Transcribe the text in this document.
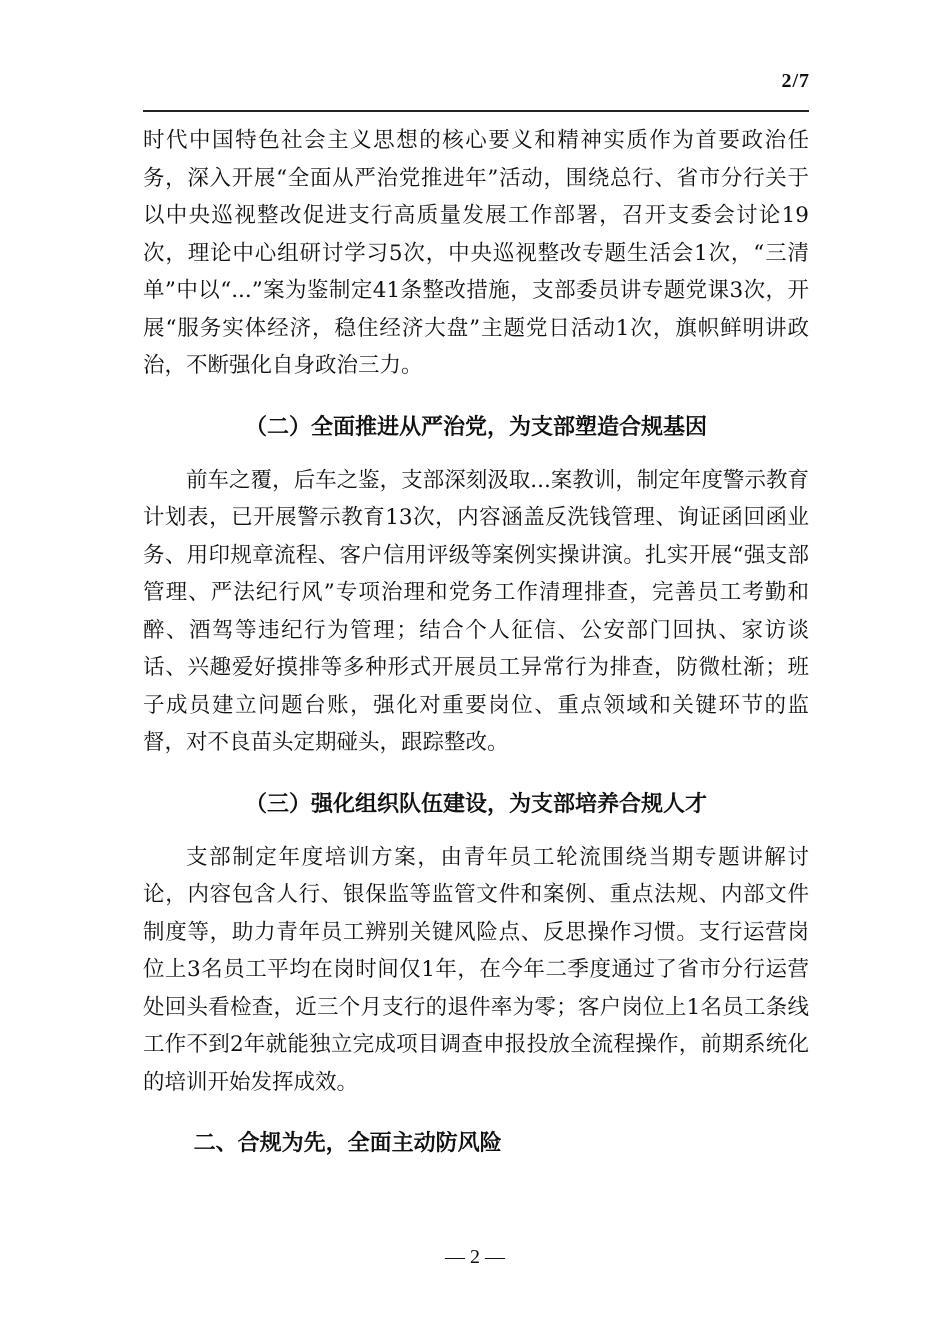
2/7

时代中国特色社会主义思想的核心要义和精神实质作为首要政治任务，深入开展“全面从严治党推进年”活动，围绕总行、省市分行关于以中央巡视整改促进支行高质量发展工作部署，召开支委会讨论19次，理论中心组研讨学习5次，中央巡视整改专题生活会1次，“三清单”中以“...”案为鉴制定41条整改措施，支部委员讲专题党课3次，开展“服务实体经济，稳住经济大盘”主题党日活动1次，旗帜鲜明讲政治，不断强化自身政治三力。

（二）全面推进从严治党，为支部塑造合规基因

前车之覆，后车之鉴，支部深刻汲取...案教训，制定年度警示教育计划表，已开展警示教育13次，内容涵盖反洗钱管理、询证函回函业务、用印规章流程、客户信用评级等案例实操讲演。扎实开展“强支部管理、严法纪行风”专项治理和党务工作清理排查，完善员工考勤和醉、酒驾等违纪行为管理；结合个人征信、公安部门回执、家访谈话、兴趣爱好摸排等多种形式开展员工异常行为排查，防微杜渐；班子成员建立问题台账，强化对重要岗位、重点领域和关键环节的监督，对不良苗头定期碰头，跟踪整改。

（三）强化组织队伍建设，为支部培养合规人才

支部制定年度培训方案，由青年员工轮流围绕当期专题讲解讨论，内容包含人行、银保监等监管文件和案例、重点法规、内部文件制度等，助力青年员工辨别关键风险点、反思操作习惯。支行运营岗位上3名员工平均在岗时间仅1年，在今年二季度通过了省市分行运营处回头看检查，近三个月支行的退件率为零；客户岗位上1名员工条线工作不到2年就能独立完成项目调查申报投放全流程操作，前期系统化的培训开始发挥成效。

二、合规为先，全面主动防风险

— 2 —
